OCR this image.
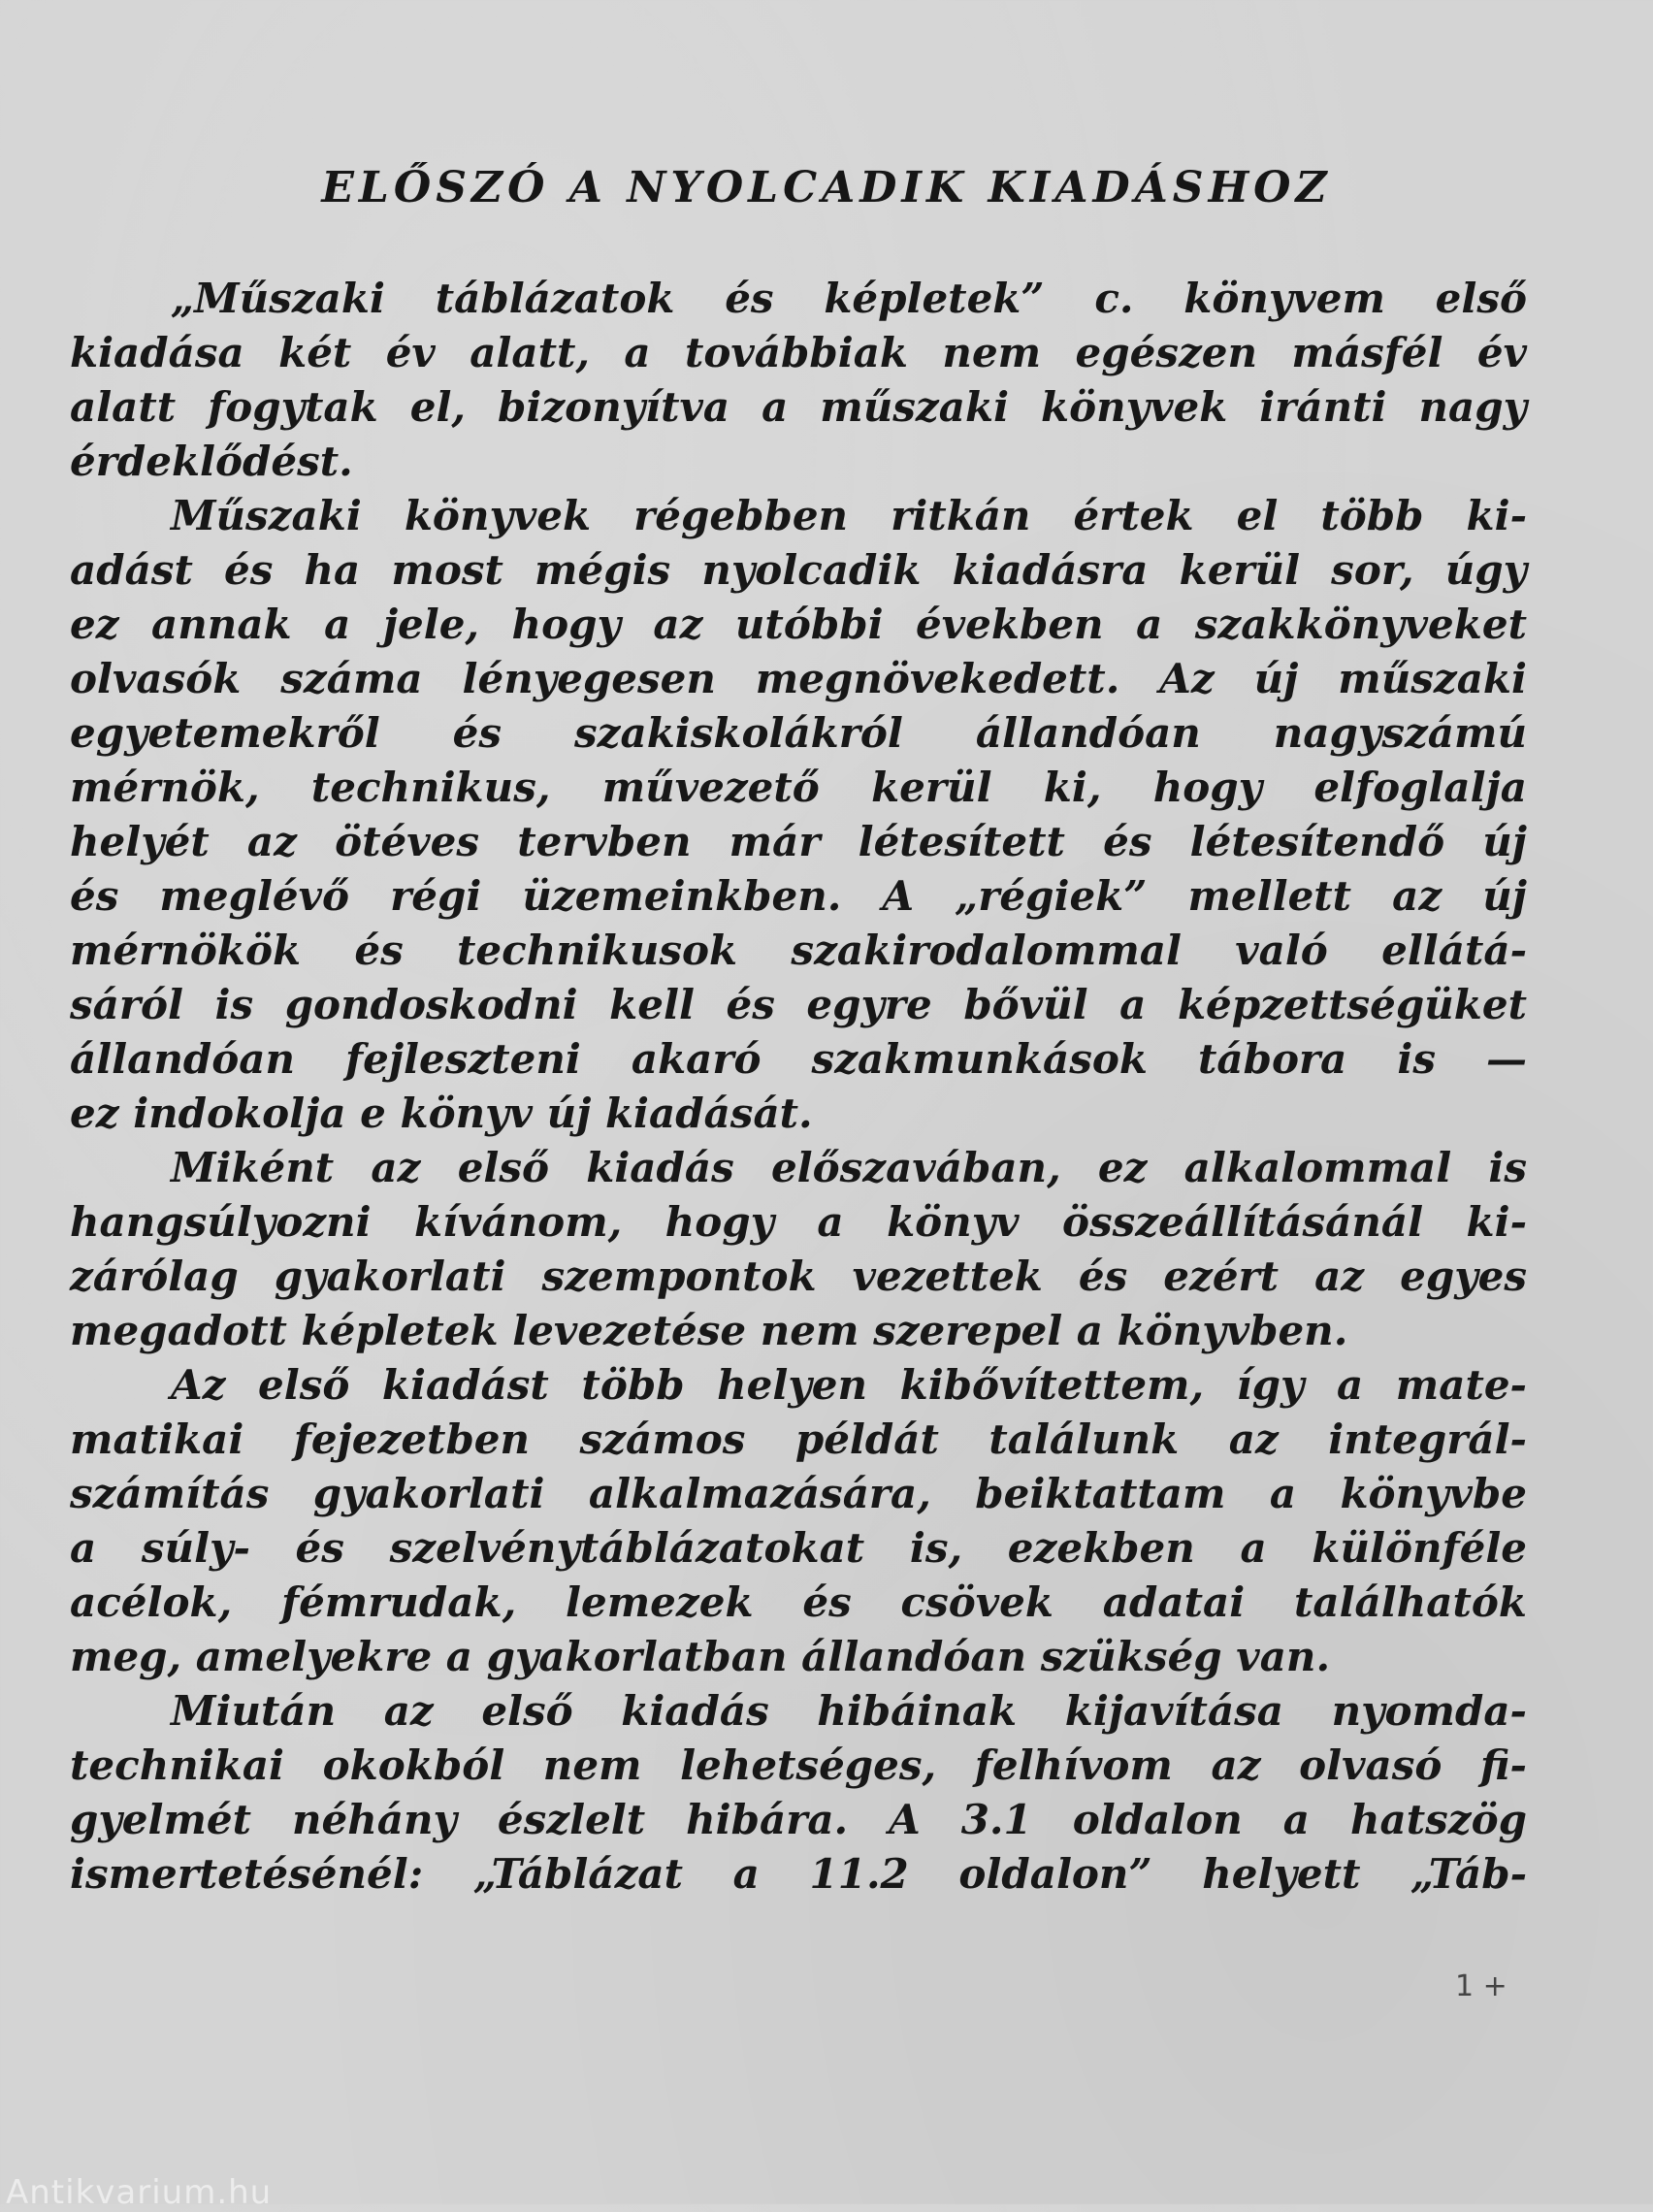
ELŐSZÓ A NYOLCADIK KIADÁSHOZ
„Műszaki táblázatok és képletek” c. könyvem első
kiadása két év alatt, a továbbiak nem egészen másfél év
alatt fogytak el, bizonyítva a műszaki könyvek iránti nagy
érdeklődést.
Műszaki könyvek régebben ritkán értek el több ki-
adást és ha most mégis nyolcadik kiadásra kerül sor, úgy
ez annak a jele, hogy az utóbbi években a szakkönyveket
olvasók száma lényegesen megnövekedett. Az új műszaki
egyetemekről és szakiskolákról állandóan nagyszámú
mérnök, technikus, művezető kerül ki, hogy elfoglalja
helyét az ötéves tervben már létesített és létesítendő új
és meglévő régi üzemeinkben. A „régiek” mellett az új
mérnökök és technikusok szakirodalommal való ellátá-
sáról is gondoskodni kell és egyre bővül a képzettségüket
állandóan fejleszteni akaró szakmunkások tábora is —
ez indokolja e könyv új kiadását.
Miként az első kiadás előszavában, ez alkalommal is
hangsúlyozni kívánom, hogy a könyv összeállításánál ki-
zárólag gyakorlati szempontok vezettek és ezért az egyes
megadott képletek levezetése nem szerepel a könyvben.
Az első kiadást több helyen kibővítettem, így a mate-
matikai fejezetben számos példát találunk az integrál-
számítás gyakorlati alkalmazására, beiktattam a könyvbe
a súly- és szelvénytáblázatokat is, ezekben a különféle
acélok, fémrudak, lemezek és csövek adatai találhatók
meg, amelyekre a gyakorlatban állandóan szükség van.
Miután az első kiadás hibáinak kijavítása nyomda-
technikai okokból nem lehetséges, felhívom az olvasó fi-
gyelmét néhány észlelt hibára. A 3.1 oldalon a hatszög
ismertetésénél: „Táblázat a 11.2 oldalon” helyett „Táb-
1 +
Antikvarium.hu
